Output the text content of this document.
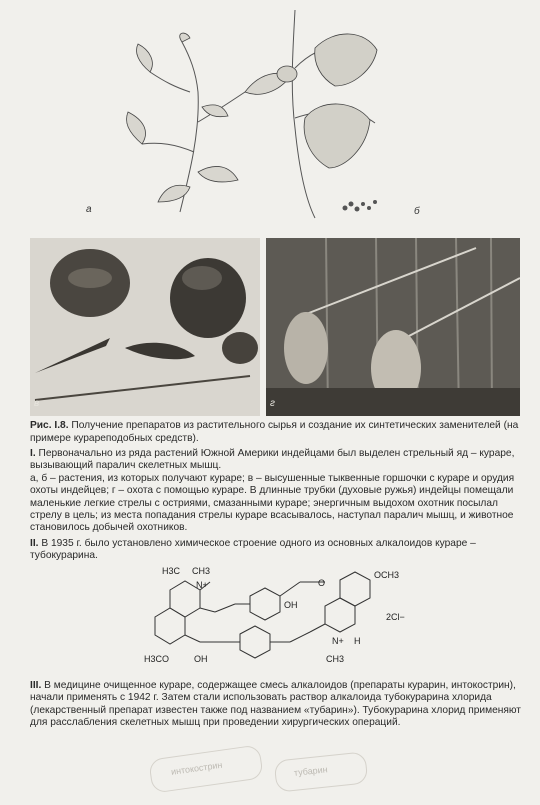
а	б
в	г
Рис. I.8. Получение препаратов из растительного сырья и создание их синтетических заменителей (на примере курареподобных средств).
I. Первоначально из ряда растений Южной Америки индейцами был выделен стрельный яд – кураре, вызывающий паралич скелетных мышц.
а, б – растения, из которых получают кураре; в – высушенные тыквенные горшочки с кураре и орудия охоты индейцев; г – охота с помощью кураре. В длинные трубки (духовые ружья) индейцы помещали маленькие легкие стрелы с остриями, смазанными кураре; энергичным выдохом охотник посылал стрелу в цель; из места попадания стрелы кураре всасывалось, наступал паралич мышц, и животное становилось добычей охотников.
II. В 1935 г. было установлено химическое строение одного из основных алкалоидов кураре – тубокурарина.
H3C CH3
N+	O
OH
OCH3
2Cl−
H3CO	OH
N+ H
CH3
III. В медицине очищенное кураре, содержащее смесь алкалоидов (препараты курарин, интокострин), начали применять с 1942 г. Затем стали использовать раствор алкалоида тубокурарина хлорида (лекарственный препарат известен также под названием «тубарин»). Тубокурарина хлорид применяют для расслабления скелетных мышц при проведении хирургических операций.
интокострин	тубарин
